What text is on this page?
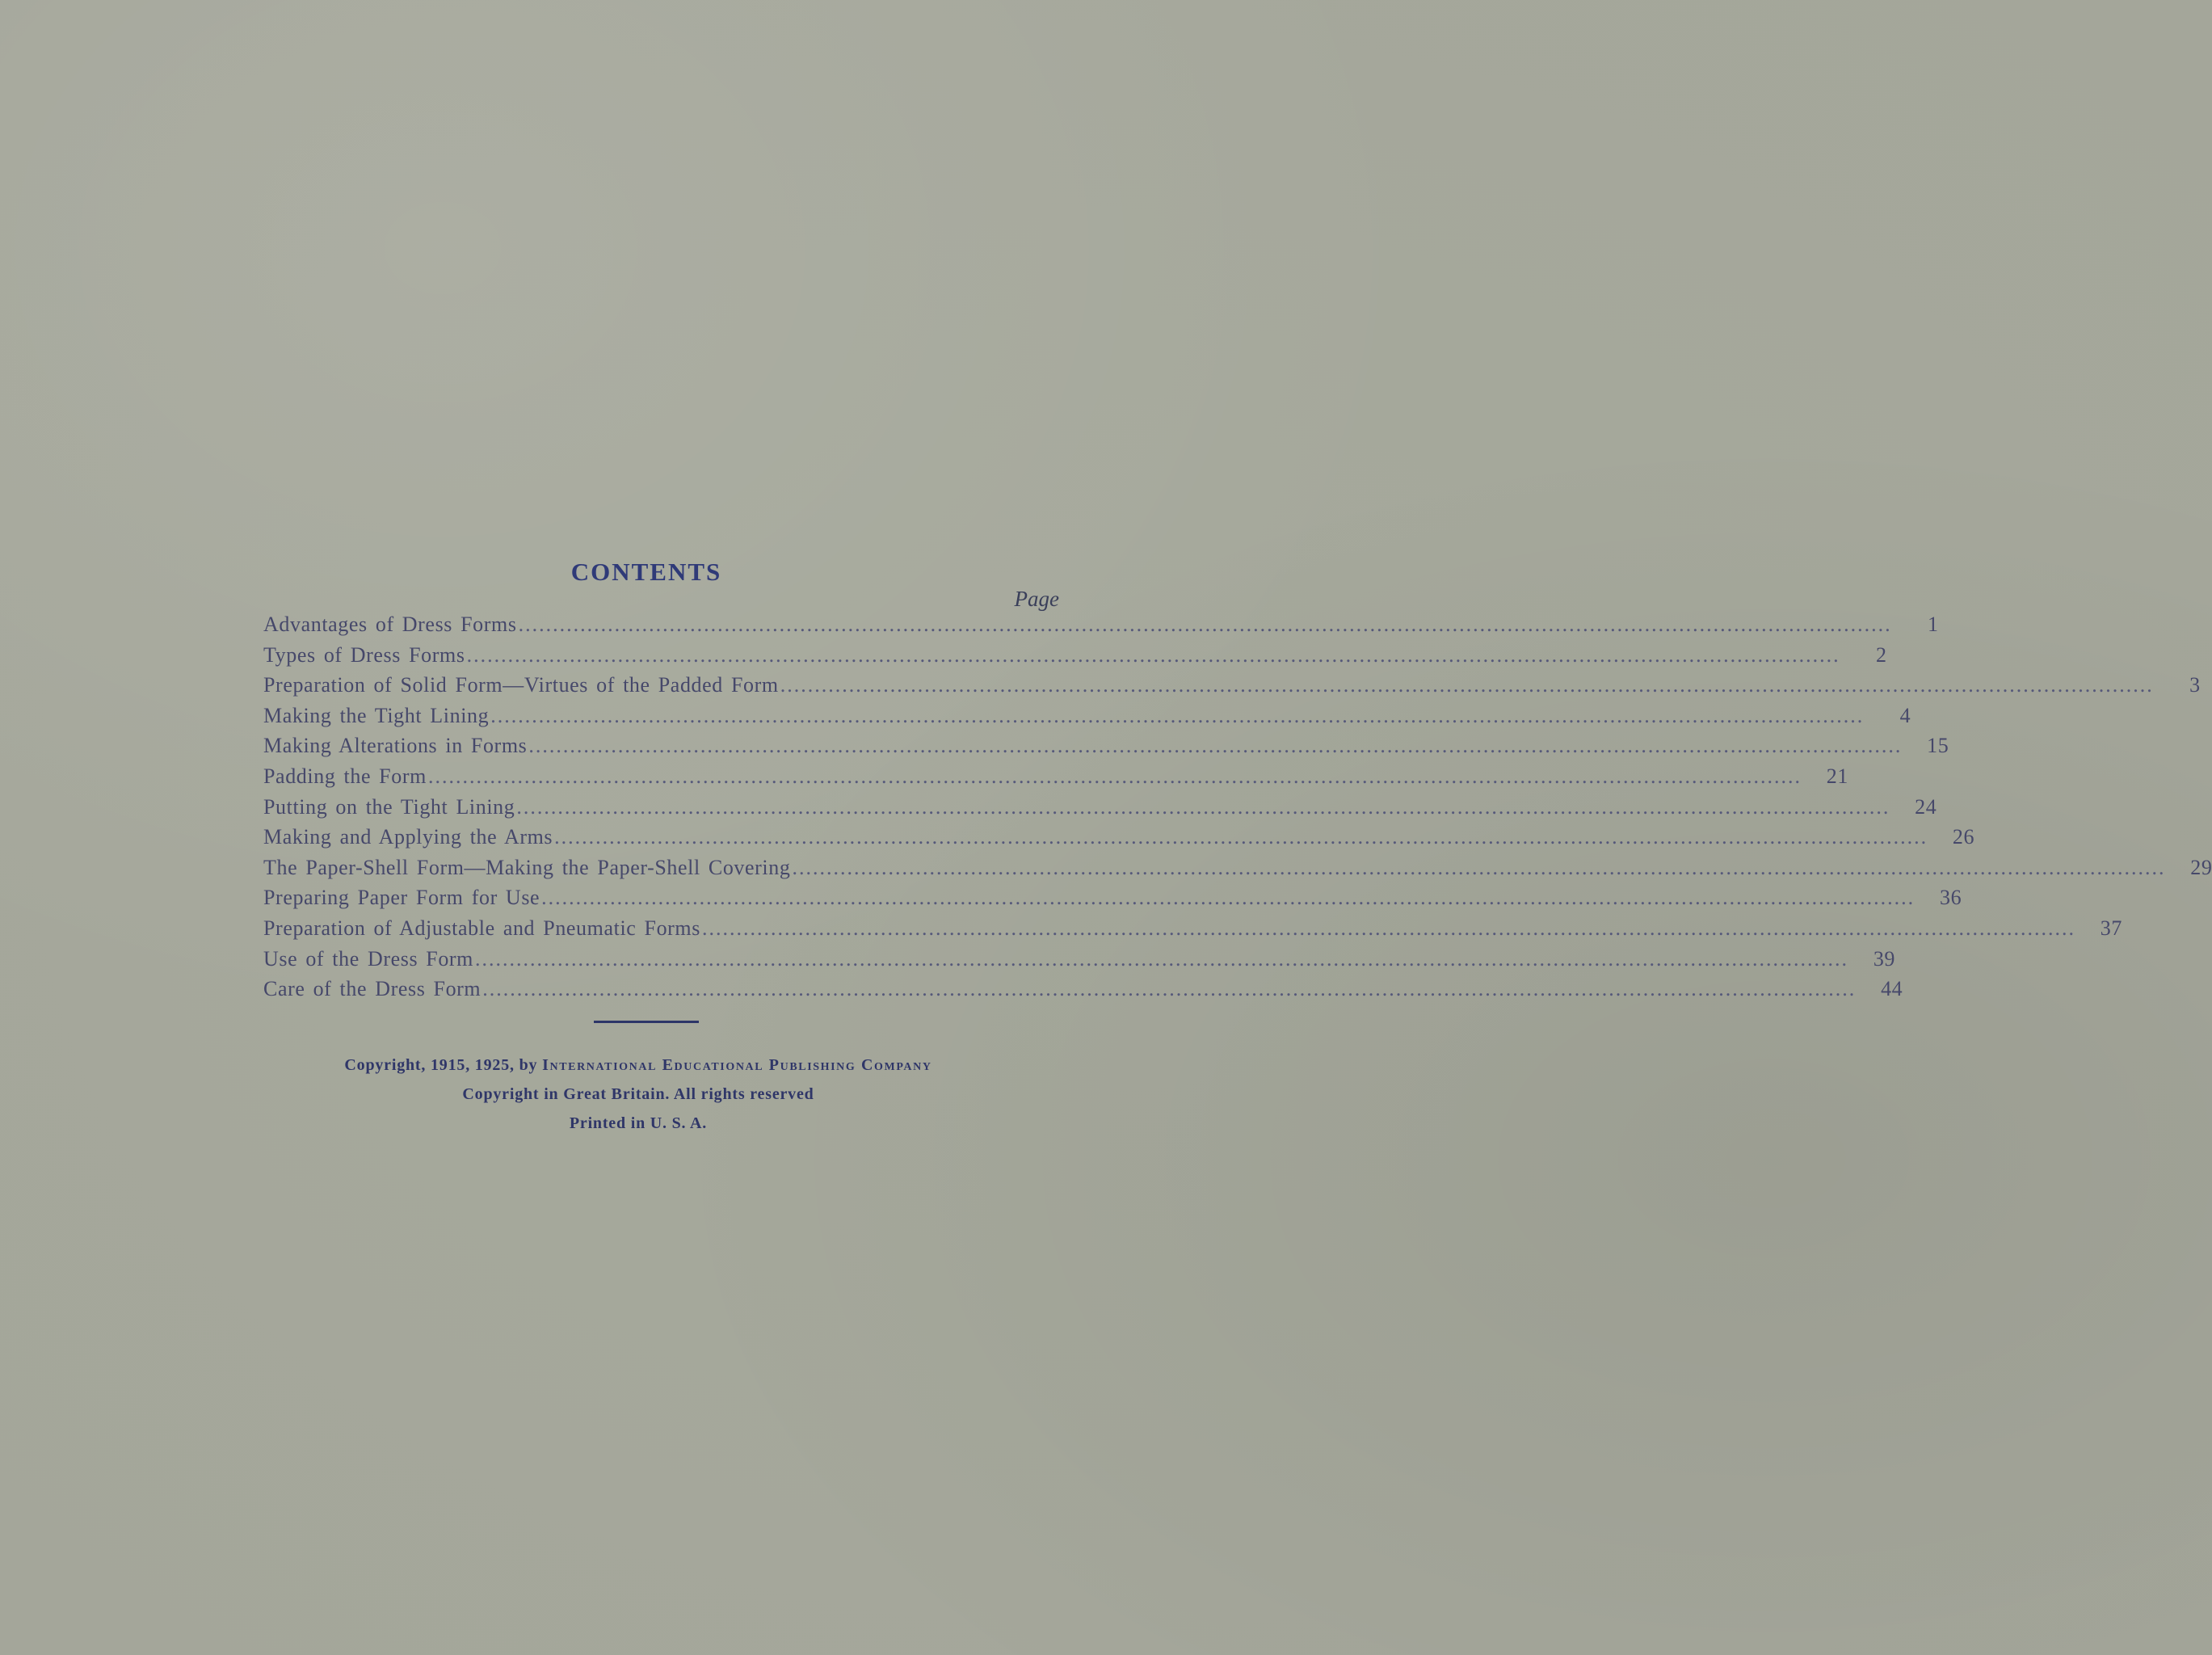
CONTENTS
Page
Advantages of Dress Forms ........................................................................................................................................................................................................	1
Types of Dress Forms ........................................................................................................................................................................................................	2
Preparation of Solid Form—Virtues of the Padded Form ........................................................................................................................................................................................................	3
Making the Tight Lining ........................................................................................................................................................................................................	4
Making Alterations in Forms ........................................................................................................................................................................................................	15
Padding the Form ........................................................................................................................................................................................................	21
Putting on the Tight Lining ........................................................................................................................................................................................................	24
Making and Applying the Arms ........................................................................................................................................................................................................	26
The Paper-Shell Form—Making the Paper-Shell Covering ........................................................................................................................................................................................................	29
Preparing Paper Form for Use ........................................................................................................................................................................................................	36
Preparation of Adjustable and Pneumatic Forms ........................................................................................................................................................................................................	37
Use of the Dress Form ........................................................................................................................................................................................................	39
Care of the Dress Form ........................................................................................................................................................................................................	44
Copyright, 1915, 1925, by International Educational Publishing Company
Copyright in Great Britain. All rights reserved
Printed in U. S. A.
